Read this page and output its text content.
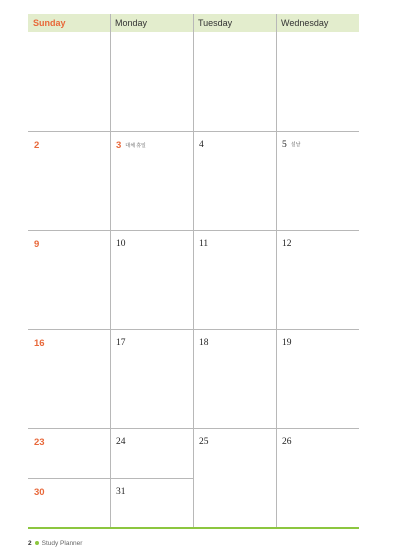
Sunday	Monday	Tuesday	Wednesday
2	3 대체 휴일	4	5 설날
9	10	11	12
16	17	18	19
23	24	25	26
30	31
2 Study Planner
